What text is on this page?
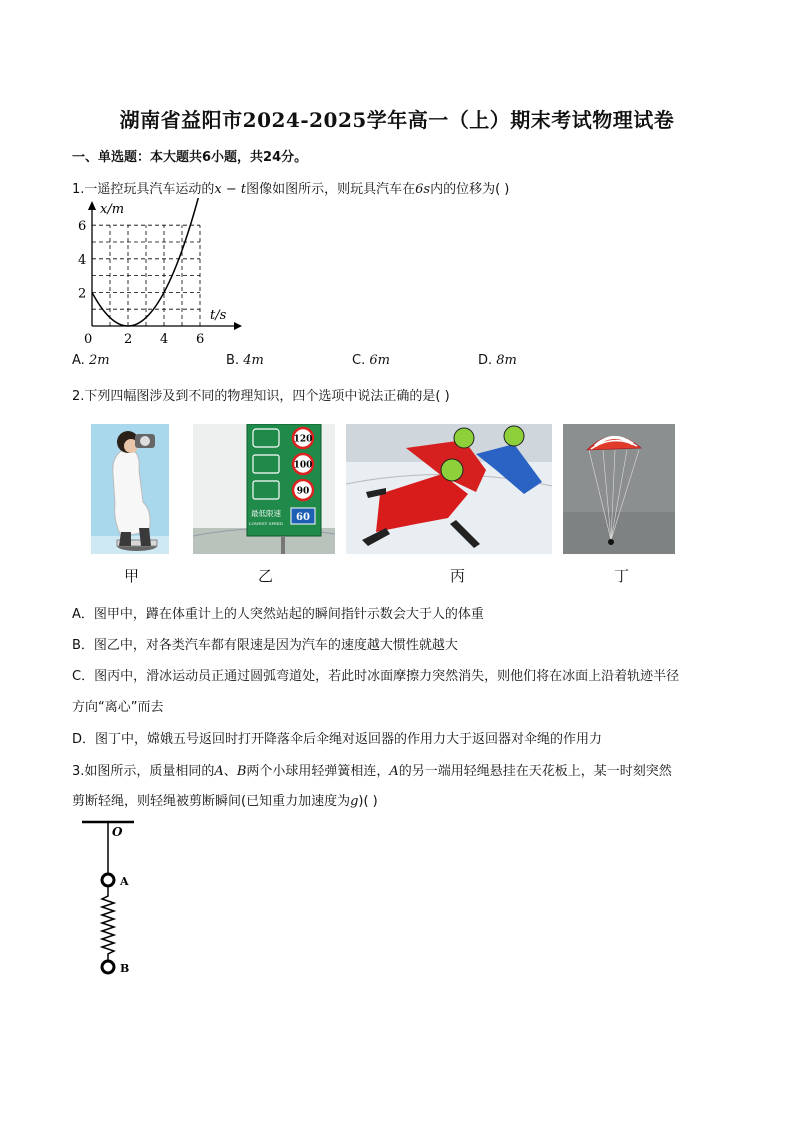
湖南省益阳市2024-2025学年高一（上）期末考试物理试卷
一、单选题：本大题共6小题，共24分。
1.一遥控玩具汽车运动的x − t图像如图所示，则玩具汽车在6s内的位移为( )
x/m
t/s
2
4
6
0 2 4 6
A. 2m	B. 4m	C. 6m	D. 8m
2.下列四幅图涉及到不同的物理知识，四个选项中说法正确的是( )
120
100
90
最低限速
LOWEST SPEED
60
甲	乙	丙	丁
A．图甲中，蹲在体重计上的人突然站起的瞬间指针示数会大于人的体重
B．图乙中，对各类汽车都有限速是因为汽车的速度越大惯性就越大
C．图丙中，滑冰运动员正通过圆弧弯道处，若此时冰面摩擦力突然消失，则他们将在冰面上沿着轨迹半径
方向“离心”而去
D．图丁中，嫦娥五号返回时打开降落伞后伞绳对返回器的作用力大于返回器对伞绳的作用力
3.如图所示，质量相同的A、B两个小球用轻弹簧相连，A的另一端用轻绳悬挂在天花板上，某一时刻突然
剪断轻绳，则轻绳被剪断瞬间(已知重力加速度为g)( )
O
A
B
